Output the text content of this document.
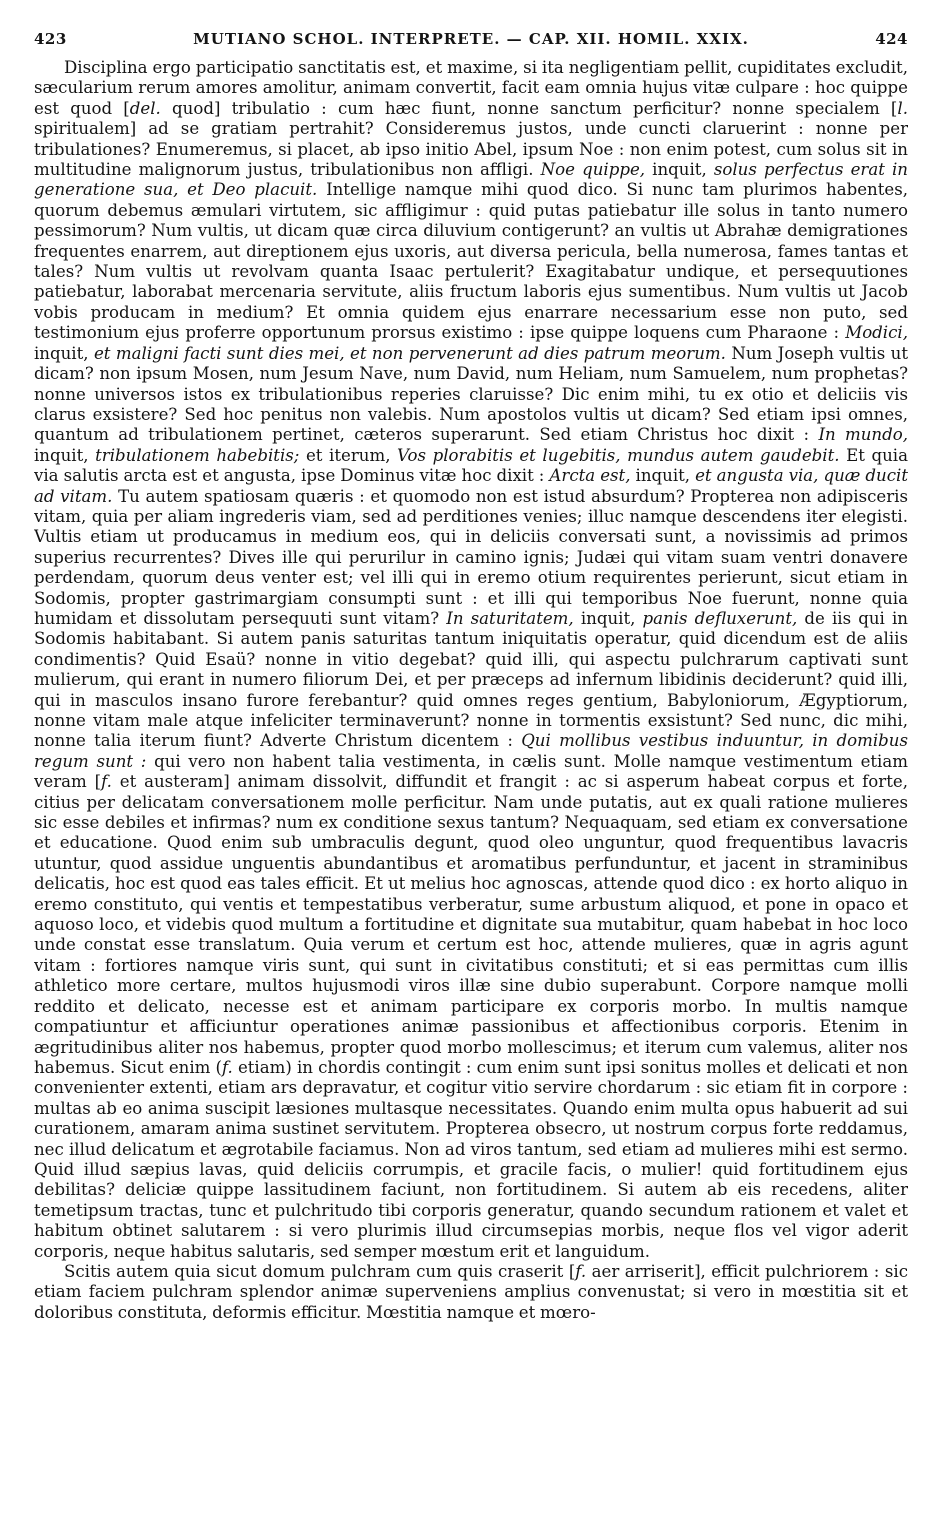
423	MUTIANO SCHOL. INTERPRETE. — CAP. XII. HOMIL. XXIX.	424

Disciplina ergo participatio sanctitatis est, et maxime, si ita negligentiam pellit, cupiditates excludit, sæcularium rerum amores amolitur, animam convertit, facit eam omnia hujus vitæ culpare : hoc quippe est quod [del. quod] tribulatio : cum hæc fiunt, nonne sanctum perficitur? nonne specialem [l. spiritualem] ad se gratiam pertrahit? Consideremus justos, unde cuncti claruerint : nonne per tribulationes? Enumeremus, si placet, ab ipso initio Abel, ipsum Noe : non enim potest, cum solus sit in multitudine malignorum justus, tribulationibus non affligi. Noe quippe, inquit, solus perfectus erat in generatione sua, et Deo placuit. Intellige namque mihi quod dico. Si nunc tam plurimos habentes, quorum debemus æmulari virtutem, sic affligimur : quid putas patiebatur ille solus in tanto numero pessimorum? Num vultis, ut dicam quæ circa diluvium contigerunt? an vultis ut Abrahæ demigrationes frequentes enarrem, aut direptionem ejus uxoris, aut diversa pericula, bella numerosa, fames tantas et tales? Num vultis ut revolvam quanta Isaac pertulerit? Exagitabatur undique, et persequutiones patiebatur, laborabat mercenaria servitute, aliis fructum laboris ejus sumentibus. Num vultis ut Jacob vobis producam in medium? Et omnia quidem ejus enarrare necessarium esse non puto, sed testimonium ejus proferre opportunum prorsus existimo : ipse quippe loquens cum Pharaone : Modici, inquit, et maligni facti sunt dies mei, et non pervenerunt ad dies patrum meorum. Num Joseph vultis ut dicam? non ipsum Mosen, num Jesum Nave, num David, num Heliam, num Samuelem, num prophetas? nonne universos istos ex tribulationibus reperies claruisse? Dic enim mihi, tu ex otio et deliciis vis clarus exsistere? Sed hoc penitus non valebis. Num apostolos vultis ut dicam? Sed etiam ipsi omnes, quantum ad tribulationem pertinet, cæteros superarunt. Sed etiam Christus hoc dixit : In mundo, inquit, tribulationem habebitis; et iterum, Vos plorabitis et lugebitis, mundus autem gaudebit. Et quia via salutis arcta est et angusta, ipse Dominus vitæ hoc dixit : Arcta est, inquit, et angusta via, quæ ducit ad vitam. Tu autem spatiosam quæris : et quomodo non est istud absurdum? Propterea non adipisceris vitam, quia per aliam ingrederis viam, sed ad perditiones venies; illuc namque descendens iter elegisti. Vultis etiam ut producamus in medium eos, qui in deliciis conversati sunt, a novissimis ad primos superius recurrentes? Dives ille qui perurilur in camino ignis; Judæi qui vitam suam ventri donavere perdendam, quorum deus venter est; vel illi qui in eremo otium requirentes perierunt, sicut etiam in Sodomis, propter gastrimargiam consumpti sunt : et illi qui temporibus Noe fuerunt, nonne quia humidam et dissolutam persequuti sunt vitam? In saturitatem, inquit, panis defluxerunt, de iis qui in Sodomis habitabant. Si autem panis saturitas tantum iniquitatis operatur, quid dicendum est de aliis condimentis? Quid Esaü? nonne in vitio degebat? quid illi, qui aspectu pulchrarum captivati sunt mulierum, qui erant in numero filiorum Dei, et per præceps ad infernum libidinis deciderunt? quid illi, qui in masculos insano furore ferebantur? quid omnes reges gentium, Babyloniorum, Ægyptiorum, nonne vitam male atque infeliciter terminaverunt? nonne in tormentis exsistunt? Sed nunc, dic mihi, nonne talia iterum fiunt? Adverte Christum dicentem : Qui mollibus vestibus induuntur, in domibus regum sunt : qui vero non habent talia vestimenta, in cælis sunt. Molle namque vestimentum etiam veram [f. et austeram] animam dissolvit, diffundit et frangit : ac si asperum habeat corpus et forte, citius per delicatam conversationem molle perficitur. Nam unde putatis, aut ex quali ratione mulieres sic esse debiles et infirmas? num ex conditione sexus tantum? Nequaquam, sed etiam ex conversatione et educatione. Quod enim sub umbraculis degunt, quod oleo unguntur, quod frequentibus lavacris utuntur, quod assidue unguentis abundantibus et aromatibus perfunduntur, et jacent in straminibus delicatis, hoc est quod eas tales efficit. Et ut melius hoc agnoscas, attende quod dico : ex horto aliquo in eremo constituto, qui ventis et tempestatibus verberatur, sume arbustum aliquod, et pone in opaco et aquoso loco, et videbis quod multum a fortitudine et dignitate sua mutabitur, quam habebat in hoc loco unde constat esse translatum. Quia verum et certum est hoc, attende mulieres, quæ in agris agunt vitam : fortiores namque viris sunt, qui sunt in civitatibus constituti; et si eas permittas cum illis athletico more certare, multos hujusmodi viros illæ sine dubio superabunt. Corpore namque molli reddito et delicato, necesse est et animam participare ex corporis morbo. In multis namque compatiuntur et afficiuntur operationes animæ passionibus et affectionibus corporis. Etenim in ægritudinibus aliter nos habemus, propter quod morbo mollescimus; et iterum cum valemus, aliter nos habemus. Sicut enim (f. etiam) in chordis contingit : cum enim sunt ipsi sonitus molles et delicati et non convenienter extenti, etiam ars depravatur, et cogitur vitio servire chordarum : sic etiam fit in corpore : multas ab eo anima suscipit læsiones multasque necessitates. Quando enim multa opus habuerit ad sui curationem, amaram anima sustinet servitutem. Propterea obsecro, ut nostrum corpus forte reddamus, nec illud delicatum et ægrotabile faciamus. Non ad viros tantum, sed etiam ad mulieres mihi est sermo. Quid illud sæpius lavas, quid deliciis corrumpis, et gracile facis, o mulier! quid fortitudinem ejus debilitas? deliciæ quippe lassitudinem faciunt, non fortitudinem. Si autem ab eis recedens, aliter temetipsum tractas, tunc et pulchritudo tibi corporis generatur, quando secundum rationem et valet et habitum obtinet salutarem : si vero plurimis illud circumsepias morbis, neque flos vel vigor aderit corporis, neque habitus salutaris, sed semper mœstum erit et languidum.

Scitis autem quia sicut domum pulchram cum quis craserit [f. aer arriserit], efficit pulchriorem : sic etiam faciem pulchram splendor animæ superveniens amplius convenustat; si vero in mœstitia sit et doloribus constituta, deformis efficitur. Mœstitia namque et mœro-
